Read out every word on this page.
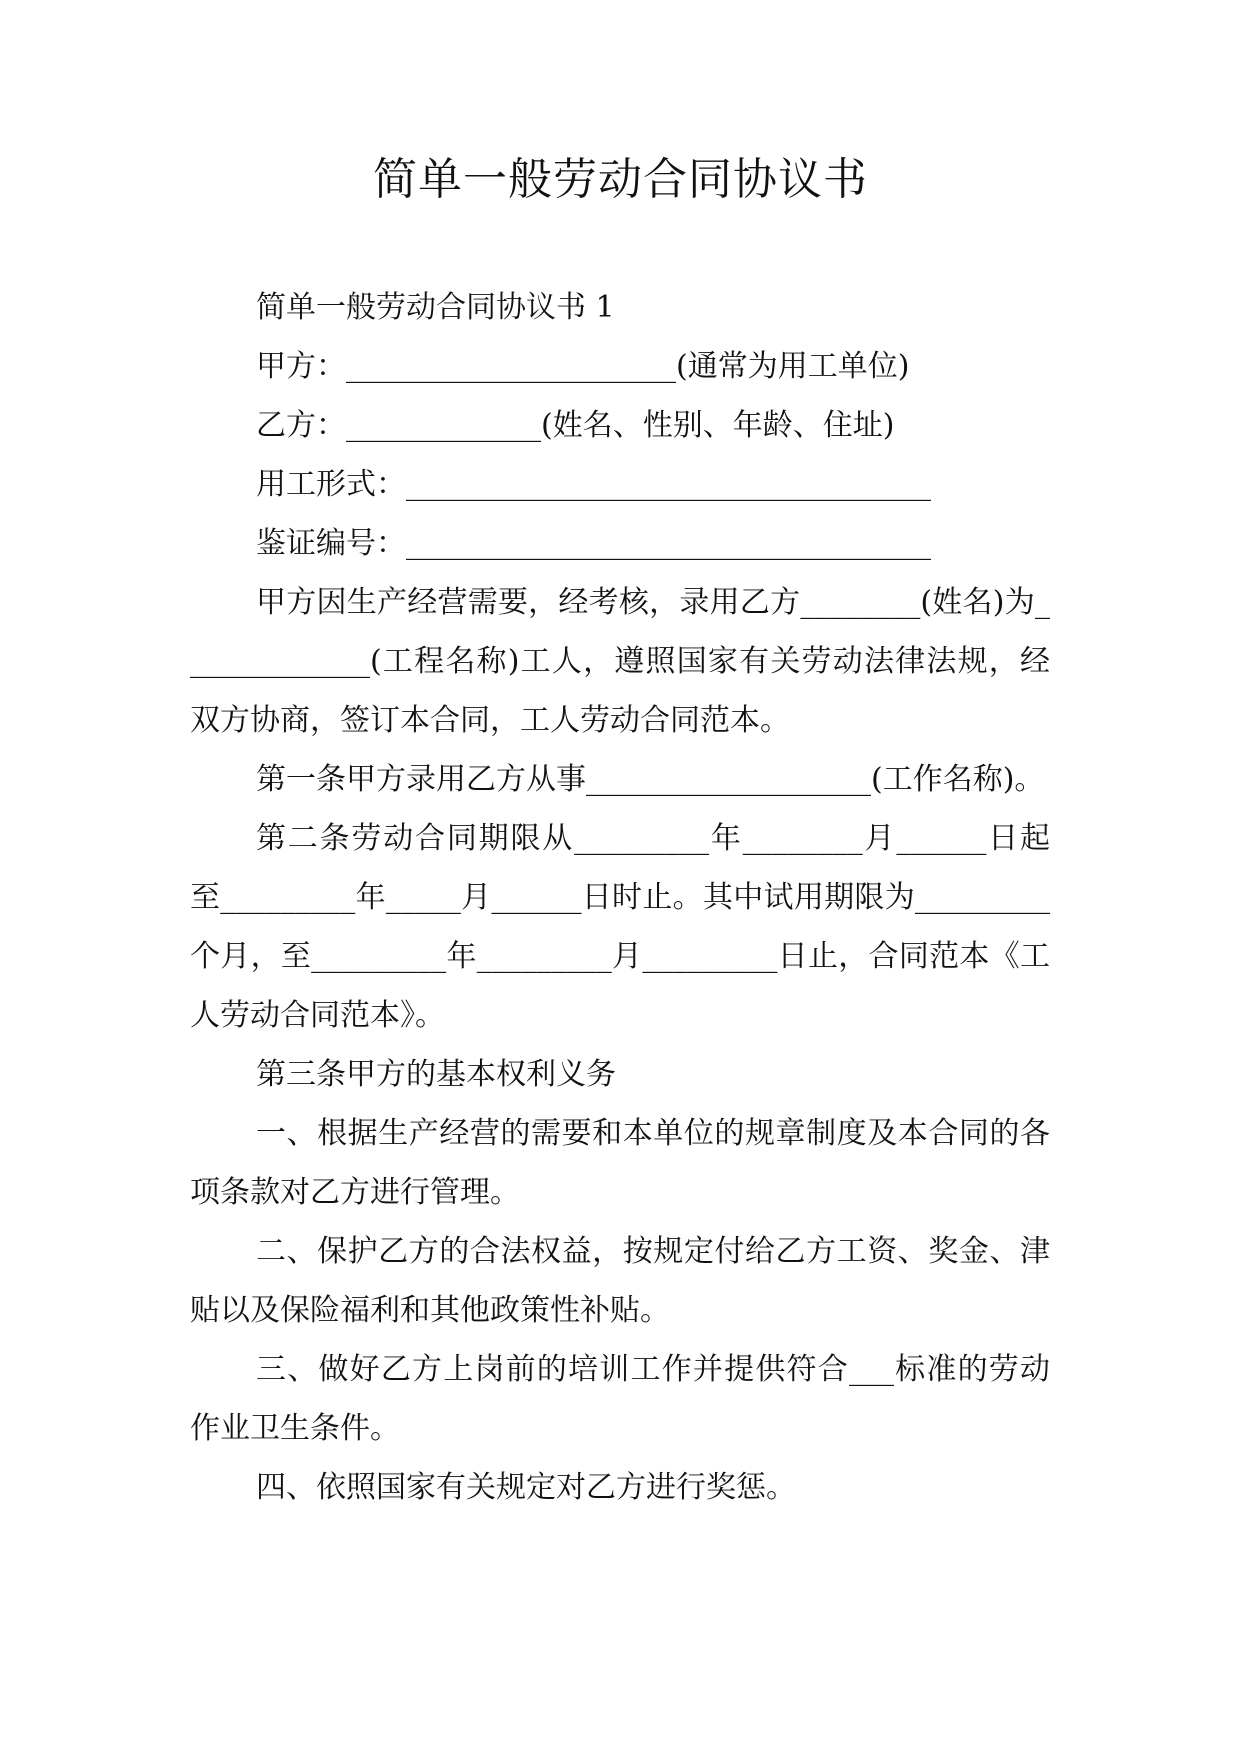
简单一般劳动合同协议书

简单一般劳动合同协议书 1

甲方：______________________(通常为用工单位)

乙方：_____________(姓名、性别、年龄、住址)

用工形式：___________________________________

鉴证编号：___________________________________

甲方因生产经营需要，经考核，录用乙方________(姓名)为_____________(工程名称)工人，遵照国家有关劳动法律法规，经双方协商，签订本合同，工人劳动合同范本。

第一条甲方录用乙方从事___________________(工作名称)。

第二条劳动合同期限从_________年________月______日起至_________年_____月______日时止。其中试用期限为_________个月，至_________年_________月_________日止，合同范本《工人劳动合同范本》。

第三条甲方的基本权利义务

一、根据生产经营的需要和本单位的规章制度及本合同的各项条款对乙方进行管理。

二、保护乙方的合法权益，按规定付给乙方工资、奖金、津贴以及保险福利和其他政策性补贴。

三、做好乙方上岗前的培训工作并提供符合___标准的劳动作业卫生条件。

四、依照国家有关规定对乙方进行奖惩。
